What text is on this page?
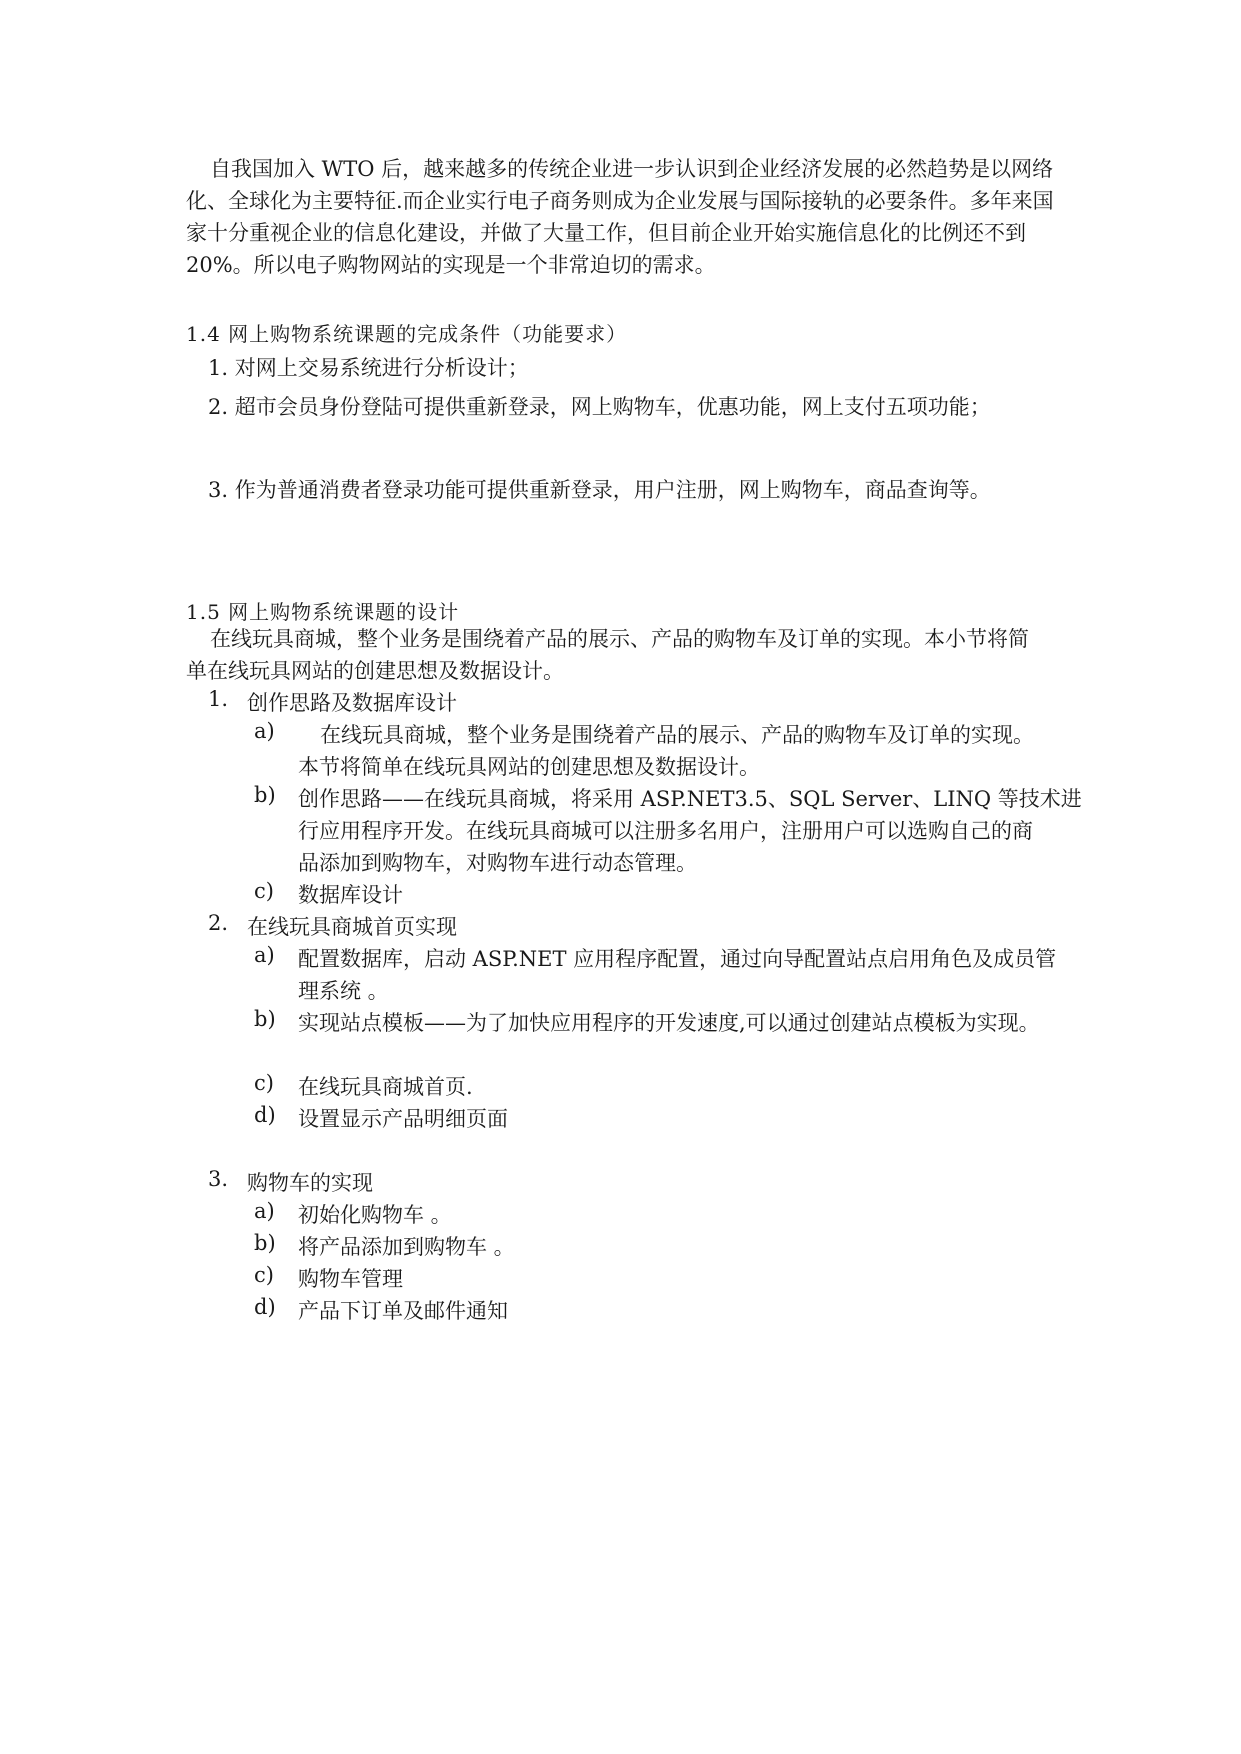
自我国加入 WTO 后，越来越多的传统企业进一步认识到企业经济发展的必然趋势是以网络化、全球化为主要特征.而企业实行电子商务则成为企业发展与国际接轨的必要条件。多年来国家十分重视企业的信息化建设，并做了大量工作，但目前企业开始实施信息化的比例还不到 20%。所以电子购物网站的实现是一个非常迫切的需求。

1.4 网上购物系统课题的完成条件（功能要求）
1. 对网上交易系统进行分析设计；
2. 超市会员身份登陆可提供重新登录，网上购物车，优惠功能，网上支付五项功能；
3. 作为普通消费者登录功能可提供重新登录，用户注册，网上购物车，商品查询等。
1.5 网上购物系统课题的设计
在线玩具商城，整个业务是围绕着产品的展示、产品的购物车及订单的实现。本小节将简
单在线玩具网站的创建思想及数据设计。
1. 创作思路及数据库设计
a) 在线玩具商城，整个业务是围绕着产品的展示、产品的购物车及订单的实现。
本节将简单在线玩具网站的创建思想及数据设计。
b) 创作思路——在线玩具商城，将采用 ASP.NET3.5、SQL Server、LINQ 等技术进
行应用程序开发。在线玩具商城可以注册多名用户，注册用户可以选购自己的商
品添加到购物车，对购物车进行动态管理。
c) 数据库设计
2. 在线玩具商城首页实现
a) 配置数据库，启动 ASP.NET 应用程序配置，通过向导配置站点启用角色及成员管
理系统 。
b) 实现站点模板——为了加快应用程序的开发速度,可以通过创建站点模板为实现。
c) 在线玩具商城首页.
d) 设置显示产品明细页面
3. 购物车的实现
a) 初始化购物车 。
b) 将产品添加到购物车 。
c) 购物车管理
d) 产品下订单及邮件通知
